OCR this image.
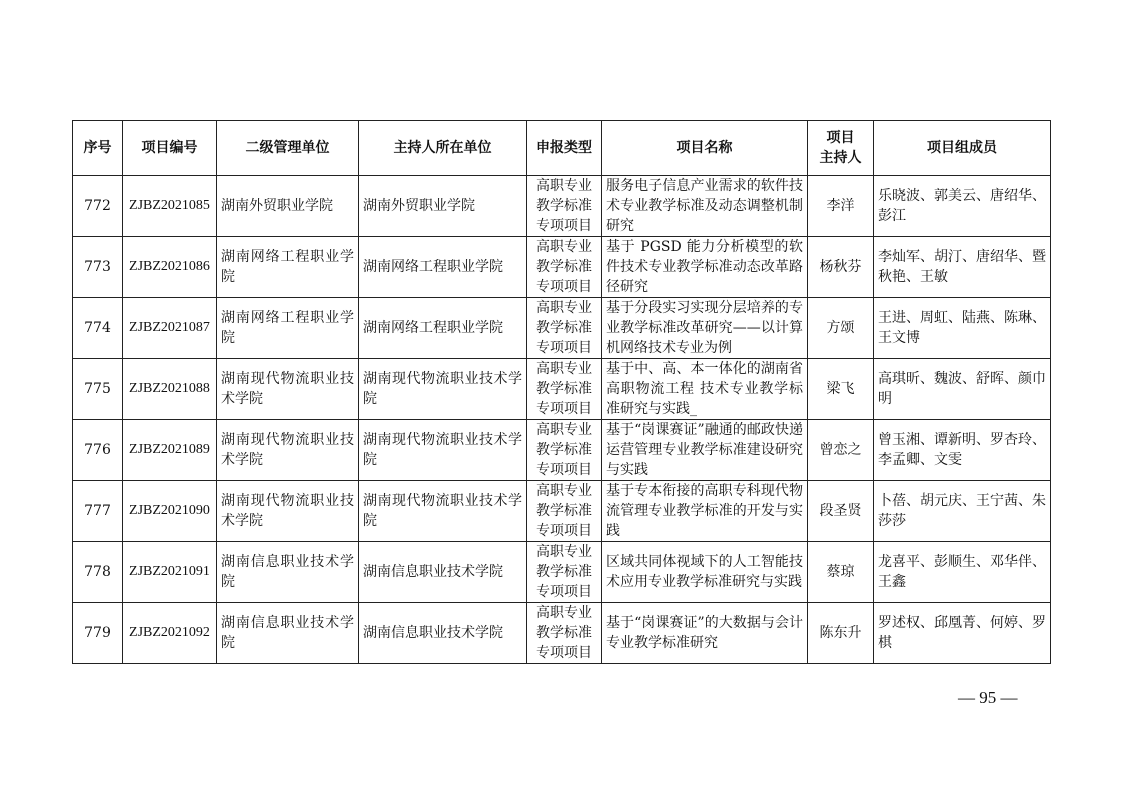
序号	项目编号	二级管理单位	主持人所在单位	申报类型	项目名称	项目
主持人	项目组成员
772	ZJBZ2021085	湖南外贸职业学院	湖南外贸职业学院	高职专业教学标准专项项目	服务电子信息产业需求的软件技术专业教学标准及动态调整机制研究	李洋	乐晓波、郭美云、唐绍华、彭江
773	ZJBZ2021086	湖南网络工程职业学院	湖南网络工程职业学院	高职专业教学标准专项项目	基于 PGSD 能力分析模型的软件技术专业教学标准动态改革路径研究	杨秋芬	李灿军、胡汀、唐绍华、暨秋艳、王敏
774	ZJBZ2021087	湖南网络工程职业学院	湖南网络工程职业学院	高职专业教学标准专项项目	基于分段实习实现分层培养的专业教学标准改革研究——以计算机网络技术专业为例	方颂	王进、周虹、陆燕、陈琳、王文博
775	ZJBZ2021088	湖南现代物流职业技术学院	湖南现代物流职业技术学院	高职专业教学标准专项项目	基于中、高、本一体化的湖南省高职物流工程 技术专业教学标准研究与实践_	梁飞	高琪昕、魏波、舒晖、颜巾明
776	ZJBZ2021089	湖南现代物流职业技术学院	湖南现代物流职业技术学院	高职专业教学标准专项项目	基于“岗课赛证”融通的邮政快递运营管理专业教学标准建设研究与实践	曾恋之	曾玉湘、谭新明、罗杏玲、李孟卿、文雯
777	ZJBZ2021090	湖南现代物流职业技术学院	湖南现代物流职业技术学院	高职专业教学标准专项项目	基于专本衔接的高职专科现代物流管理专业教学标准的开发与实践	段圣贤	卜蓓、胡元庆、王宁茜、朱莎莎
778	ZJBZ2021091	湖南信息职业技术学院	湖南信息职业技术学院	高职专业教学标准专项项目	区域共同体视域下的人工智能技术应用专业教学标准研究与实践	蔡琼	龙喜平、彭顺生、邓华伴、王鑫
779	ZJBZ2021092	湖南信息职业技术学院	湖南信息职业技术学院	高职专业教学标准专项项目	基于“岗课赛证”的大数据与会计专业教学标准研究	陈东升	罗述权、邱凰菁、何婷、罗棋
— 95 —
